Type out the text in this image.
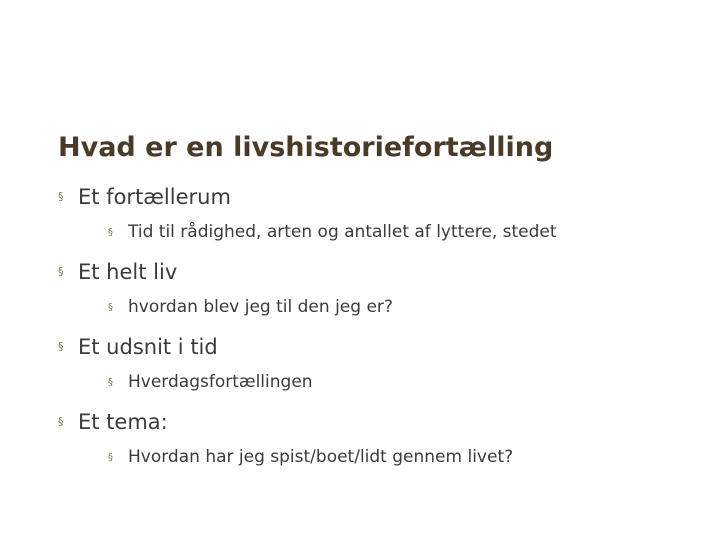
Hvad er en livshistoriefortælling
§ Et fortællerum
§ Tid til rådighed, arten og antallet af lyttere, stedet
§ Et helt liv
§ hvordan blev jeg til den jeg er?
§ Et udsnit i tid
§ Hverdagsfortællingen
§ Et tema:
§ Hvordan har jeg spist/boet/lidt gennem livet?
